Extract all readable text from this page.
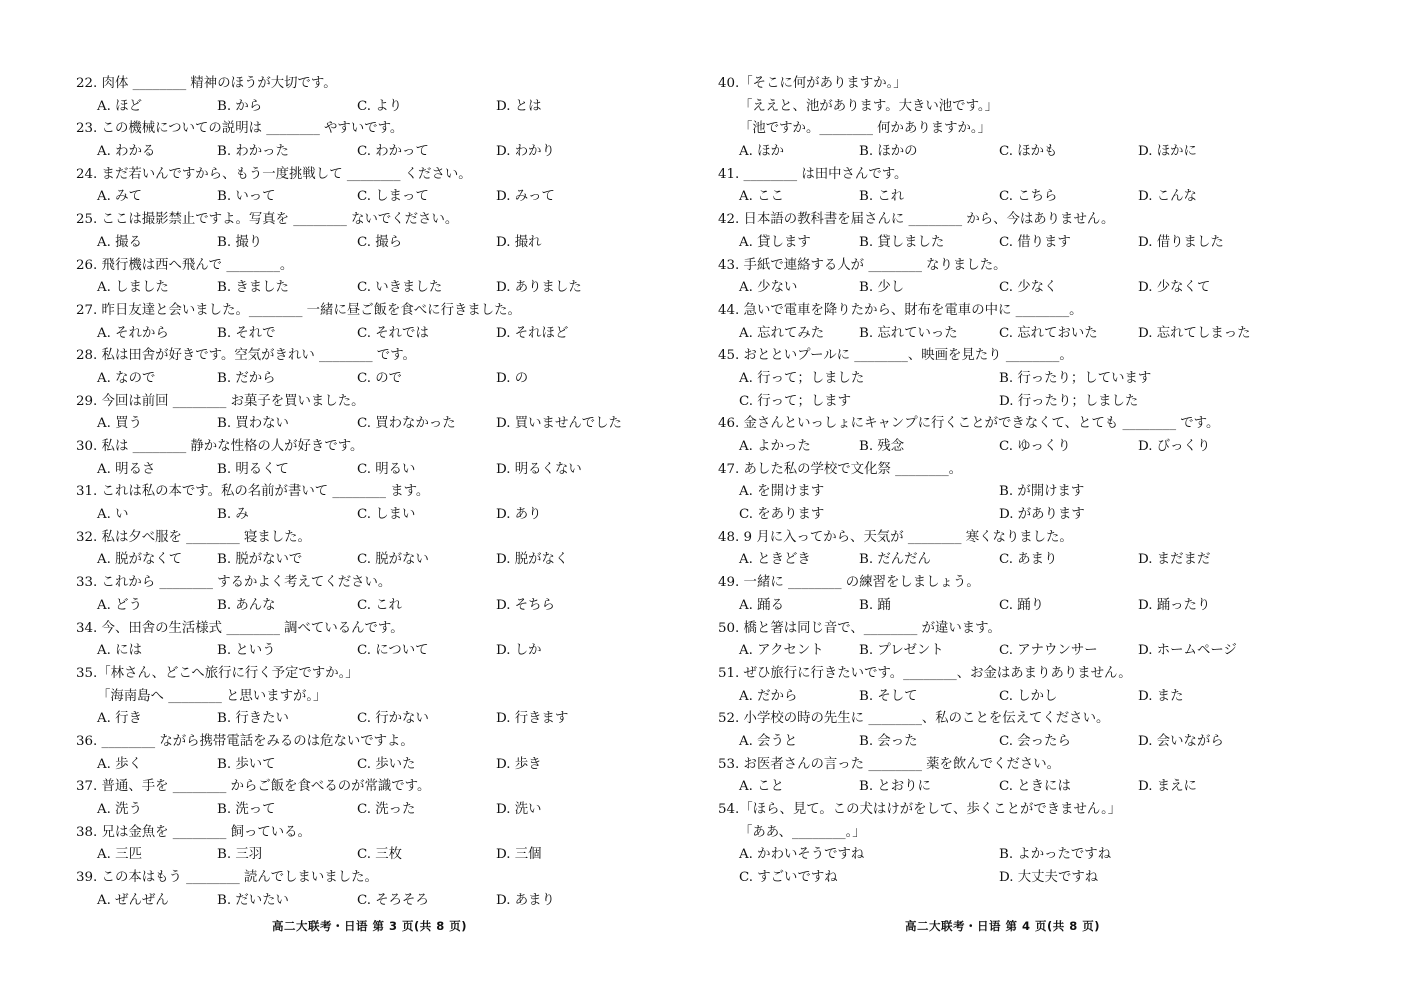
22. 肉体 ________ 精神のほうが大切です。
A. ほど	B. から	C. より	D. とは
23. この機械についての説明は ________ やすいです。
A. わかる	B. わかった	C. わかって	D. わかり
24. まだ若いんですから、もう一度挑戦して ________ ください。
A. みて	B. いって	C. しまって	D. みって
25. ここは撮影禁止ですよ。写真を ________ ないでください。
A. 撮る	B. 撮り	C. 撮ら	D. 撮れ
26. 飛行機は西へ飛んで ________。
A. しました	B. きました	C. いきました	D. ありました
27. 昨日友達と会いました。________ 一緒に昼ご飯を食べに行きました。
A. それから	B. それで	C. それでは	D. それほど
28. 私は田舎が好きです。空気がきれい ________ です。
A. なので	B. だから	C. ので	D. の
29. 今回は前回 ________ お菓子を買いました。
A. 買う	B. 買わない	C. 買わなかった	D. 買いませんでした
30. 私は ________ 静かな性格の人が好きです。
A. 明るさ	B. 明るくて	C. 明るい	D. 明るくない
31. これは私の本です。私の名前が書いて ________ ます。
A. い	B. み	C. しまい	D. あり
32. 私は夕べ服を ________ 寝ました。
A. 脱がなくて	B. 脱がないで	C. 脱がない	D. 脱がなく
33. これから ________ するかよく考えてください。
A. どう	B. あんな	C. これ	D. そちら
34. 今、田舎の生活様式 ________ 調べているんです。
A. には	B. という	C. について	D. しか
35.「林さん、どこへ旅行に行く予定ですか。」
「海南島へ ________ と思いますが。」
A. 行き	B. 行きたい	C. 行かない	D. 行きます
36. ________ ながら携帯電話をみるのは危ないですよ。
A. 歩く	B. 歩いて	C. 歩いた	D. 歩き
37. 普通、手を ________ からご飯を食べるのが常識です。
A. 洗う	B. 洗って	C. 洗った	D. 洗い
38. 兄は金魚を ________ 飼っている。
A. 三匹	B. 三羽	C. 三枚	D. 三個
39. この本はもう ________ 読んでしまいました。
A. ぜんぜん	B. だいたい	C. そろそろ	D. あまり
40.「そこに何がありますか。」
「ええと、池があります。大きい池です。」
「池ですか。________ 何かありますか。」
A. ほか	B. ほかの	C. ほかも	D. ほかに
41. ________ は田中さんです。
A. ここ	B. これ	C. こちら	D. こんな
42. 日本語の教科書を届さんに ________ から、今はありません。
A. 貸します	B. 貸しました	C. 借ります	D. 借りました
43. 手紙で連絡する人が ________ なりました。
A. 少ない	B. 少し	C. 少なく	D. 少なくて
44. 急いで電車を降りたから、財布を電車の中に ________。
A. 忘れてみた	B. 忘れていった	C. 忘れておいた	D. 忘れてしまった
45. おとといプールに ________、映画を見たり ________。
A. 行って；しました	B. 行ったり；しています
C. 行って；します	D. 行ったり；しました
46. 金さんといっしょにキャンプに行くことができなくて、とても ________ です。
A. よかった	B. 残念	C. ゆっくり	D. びっくり
47. あした私の学校で文化祭 ________。
A. を開けます	B. が開けます
C. をあります	D. があります
48. 9 月に入ってから、天気が ________ 寒くなりました。
A. ときどき	B. だんだん	C. あまり	D. まだまだ
49. 一緒に ________ の練習をしましょう。
A. 踊る	B. 踊	C. 踊り	D. 踊ったり
50. 橋と箸は同じ音で、________ が違います。
A. アクセント	B. プレゼント	C. アナウンサー	D. ホームページ
51. ぜひ旅行に行きたいです。________、お金はあまりありません。
A. だから	B. そして	C. しかし	D. また
52. 小学校の時の先生に ________、私のことを伝えてください。
A. 会うと	B. 会った	C. 会ったら	D. 会いながら
53. お医者さんの言った ________ 薬を飲んでください。
A. こと	B. とおりに	C. ときには	D. まえに
54.「ほら、見て。この犬はけがをして、歩くことができません。」
「ああ、________。」
A. かわいそうですね	B. よかったですね
C. すごいですね	D. 大丈夫ですね
高二大联考・日语 第 3 页(共 8 页)	高二大联考・日语 第 4 页(共 8 页)
